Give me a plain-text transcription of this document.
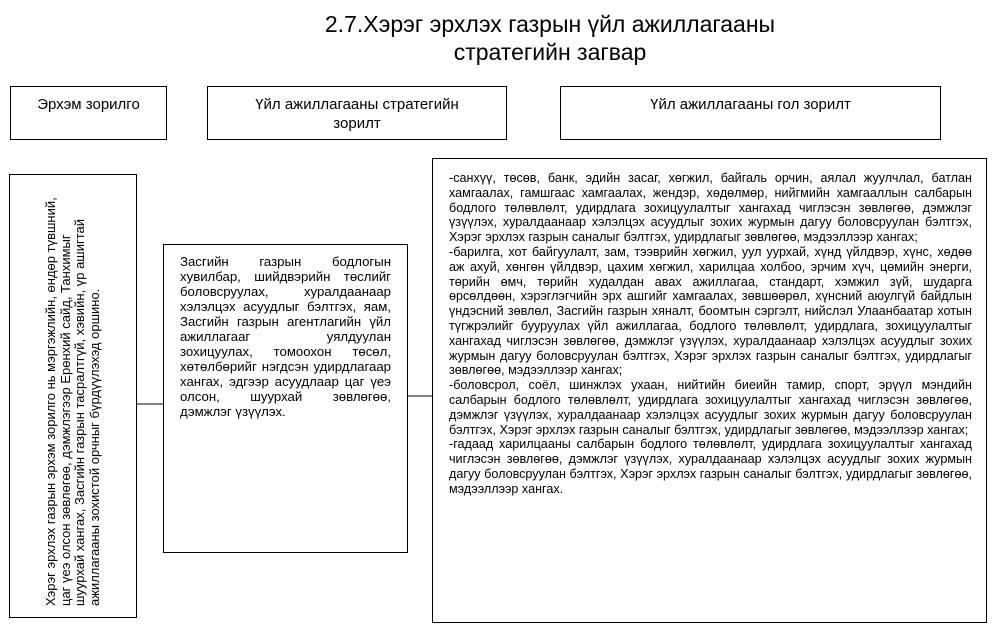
2.7.Хэрэг эрхлэх газрын үйл ажиллагааны
стратегийн загвар
Эрхэм зорилго	Үйл ажиллагааны стратегийн зорилт
Үйл ажиллагааны гол зорилт
Хэрэг эрхлэх газрын эрхэм зорилго нь мэргэжлийн, өндөр түвшний, цаг үеэ олсон зөвлөгөө, дэмжлэгээр Ерөнхий сайд, Танхимыг шуурхай хангах, Засгийн газрын тасралтгүй, хэвийн, үр ашигтай ажиллагааны зохистой орчныг бүрдүүлэхэд оршино.
Засгийн газрын бодлогын хувилбар, шийдвэрийн төслийг боловсруулах, хуралдаанаар хэлэлцэх асуудлыг бэлтгэх, яам, Засгийн газрын агентлагийн үйл ажиллагааг уялдуулан зохицуулах, томоохон төсөл, хөтөлбөрийг нэгдсэн удирдлагаар хангах, эдгээр асуудлаар цаг үеэ олсон, шуурхай зөвлөгөө, дэмжлэг үзүүлэх.

-санхүү, төсөв, банк, эдийн засаг, хөгжил, байгаль орчин, аялал жуулчлал, батлан хамгаалах, гамшгаас хамгаалах, жендэр, хөдөлмөр, нийгмийн хамгааллын салбарын бодлого төлөвлөлт, удирдлага зохицуулалтыг хангахад чиглэсэн зөвлөгөө, дэмжлэг үзүүлэх, хуралдаанаар хэлэлцэх асуудлыг зохих журмын дагуу боловсруулан бэлтгэх, Хэрэг эрхлэх газрын саналыг бэлтгэх, удирдлагыг зөвлөгөө, мэдээллээр хангах;

-барилга, хот байгуулалт, зам, тээврийн хөгжил, уул уурхай, хүнд үйлдвэр, хүнс, хөдөө аж ахуй, хөнгөн үйлдвэр, цахим хөгжил, харилцаа холбоо, эрчим хүч, цөмийн энерги, төрийн өмч, төрийн худалдан авах ажиллагаа, стандарт, хэмжил зүй, шударга өрсөлдөөн, хэрэглэгчийн эрх ашгийг хамгаалах, зөвшөөрөл, хүнсний аюулгүй байдлын үндэсний зөвлөл, Засгийн газрын хяналт, боомтын сэргэлт, нийслэл Улаанбаатар хотын түгжрэлийг бууруулах үйл ажиллагаа, бодлого төлөвлөлт, удирдлага, зохицуулалтыг хангахад чиглэсэн зөвлөгөө, дэмжлэг үзүүлэх, хуралдаанаар хэлэлцэх асуудлыг зохих журмын дагуу боловсруулан бэлтгэх, Хэрэг эрхлэх газрын саналыг бэлтгэх, удирдлагыг зөвлөгөө, мэдээллээр хангах;

-боловсрол, соёл, шинжлэх ухаан, нийтийн биеийн тамир, спорт, эрүүл мэндийн салбарын бодлого төлөвлөлт, удирдлага зохицуулалтыг хангахад чиглэсэн зөвлөгөө, дэмжлэг үзүүлэх, хуралдаанаар хэлэлцэх асуудлыг зохих журмын дагуу боловсруулан бэлтгэх, Хэрэг эрхлэх газрын саналыг бэлтгэх, удирдлагыг зөвлөгөө, мэдээллээр хангах;

-гадаад харилцааны салбарын бодлого төлөвлөлт, удирдлага зохицуулалтыг хангахад чиглэсэн зөвлөгөө, дэмжлэг үзүүлэх, хуралдаанаар хэлэлцэх асуудлыг зохих журмын дагуу боловсруулан бэлтгэх, Хэрэг эрхлэх газрын саналыг бэлтгэх, удирдлагыг зөвлөгөө, мэдээллээр хангах.
